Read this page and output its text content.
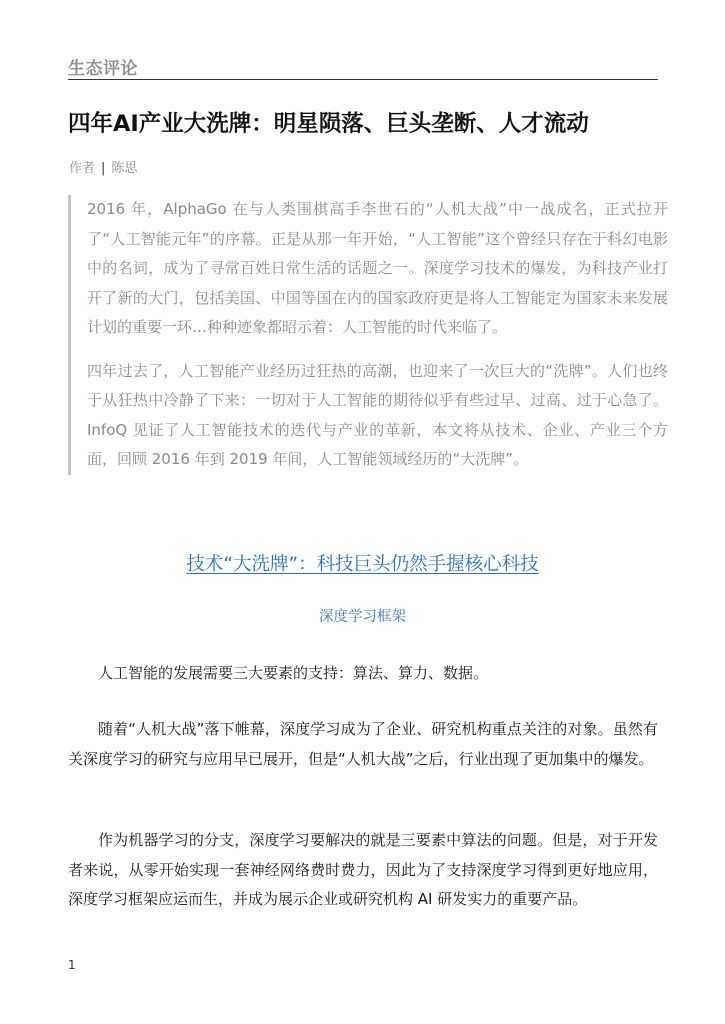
生态评论
四年AI产业大洗牌：明星陨落、巨头垄断、人才流动
作者 | 陈思

2016 年，AlphaGo 在与人类围棋高手李世石的“人机大战”中一战成名，正式拉开了“人工智能元年”的序幕。正是从那一年开始，“人工智能”这个曾经只存在于科幻电影中的名词，成为了寻常百姓日常生活的话题之一。深度学习技术的爆发，为科技产业打开了新的大门，包括美国、中国等国在内的国家政府更是将人工智能定为国家未来发展计划的重要一环…种种迹象都昭示着：人工智能的时代来临了。

四年过去了，人工智能产业经历过狂热的高潮，也迎来了一次巨大的“洗牌”。人们也终于从狂热中冷静了下来：一切对于人工智能的期待似乎有些过早、过高、过于心急了。InfoQ 见证了人工智能技术的迭代与产业的革新，本文将从技术、企业、产业三个方面，回顾 2016 年到 2019 年间，人工智能领域经历的“大洗牌”。

技术“大洗牌”：科技巨头仍然手握核心科技
深度学习框架

人工智能的发展需要三大要素的支持：算法、算力、数据。

随着“人机大战”落下帷幕，深度学习成为了企业、研究机构重点关注的对象。虽然有关深度学习的研究与应用早已展开，但是“人机大战”之后，行业出现了更加集中的爆发。

作为机器学习的分支，深度学习要解决的就是三要素中算法的问题。但是，对于开发者来说，从零开始实现一套神经网络费时费力，因此为了支持深度学习得到更好地应用，深度学习框架应运而生，并成为展示企业或研究机构 AI 研发实力的重要产品。

1
